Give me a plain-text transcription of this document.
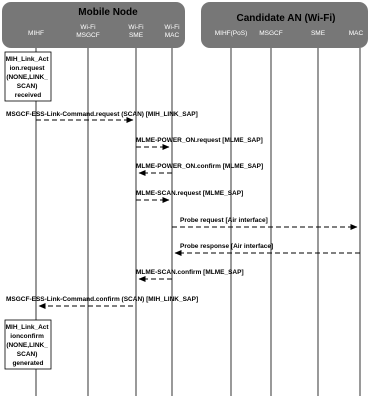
Mobile Node
Candidate AN (Wi-Fi)
MIHF
Wi-Fi MSGCF
Wi-Fi SME
Wi-Fi MAC	MIHF(PoS) MSGCF	SME	MAC
MIH_Link_Act ion.request (NONE,LINK_ SCAN) received
MIH_Link_Act ionconfirm (NONE,LINK_ SCAN) generated
MSGCF-ESS-Link-Command.request (SCAN) [MIH_LINK_SAP]
MLME-POWER_ON.request [MLME_SAP]
MLME-POWER_ON.confirm [MLME_SAP]
MLME-SCAN.request [MLME_SAP]
Probe request [Air interface]
Probe response [Air interface]
MLME-SCAN.confirm [MLME_SAP]
MSGCF-ESS-Link-Command.confirm (SCAN) [MIH_LINK_SAP]
